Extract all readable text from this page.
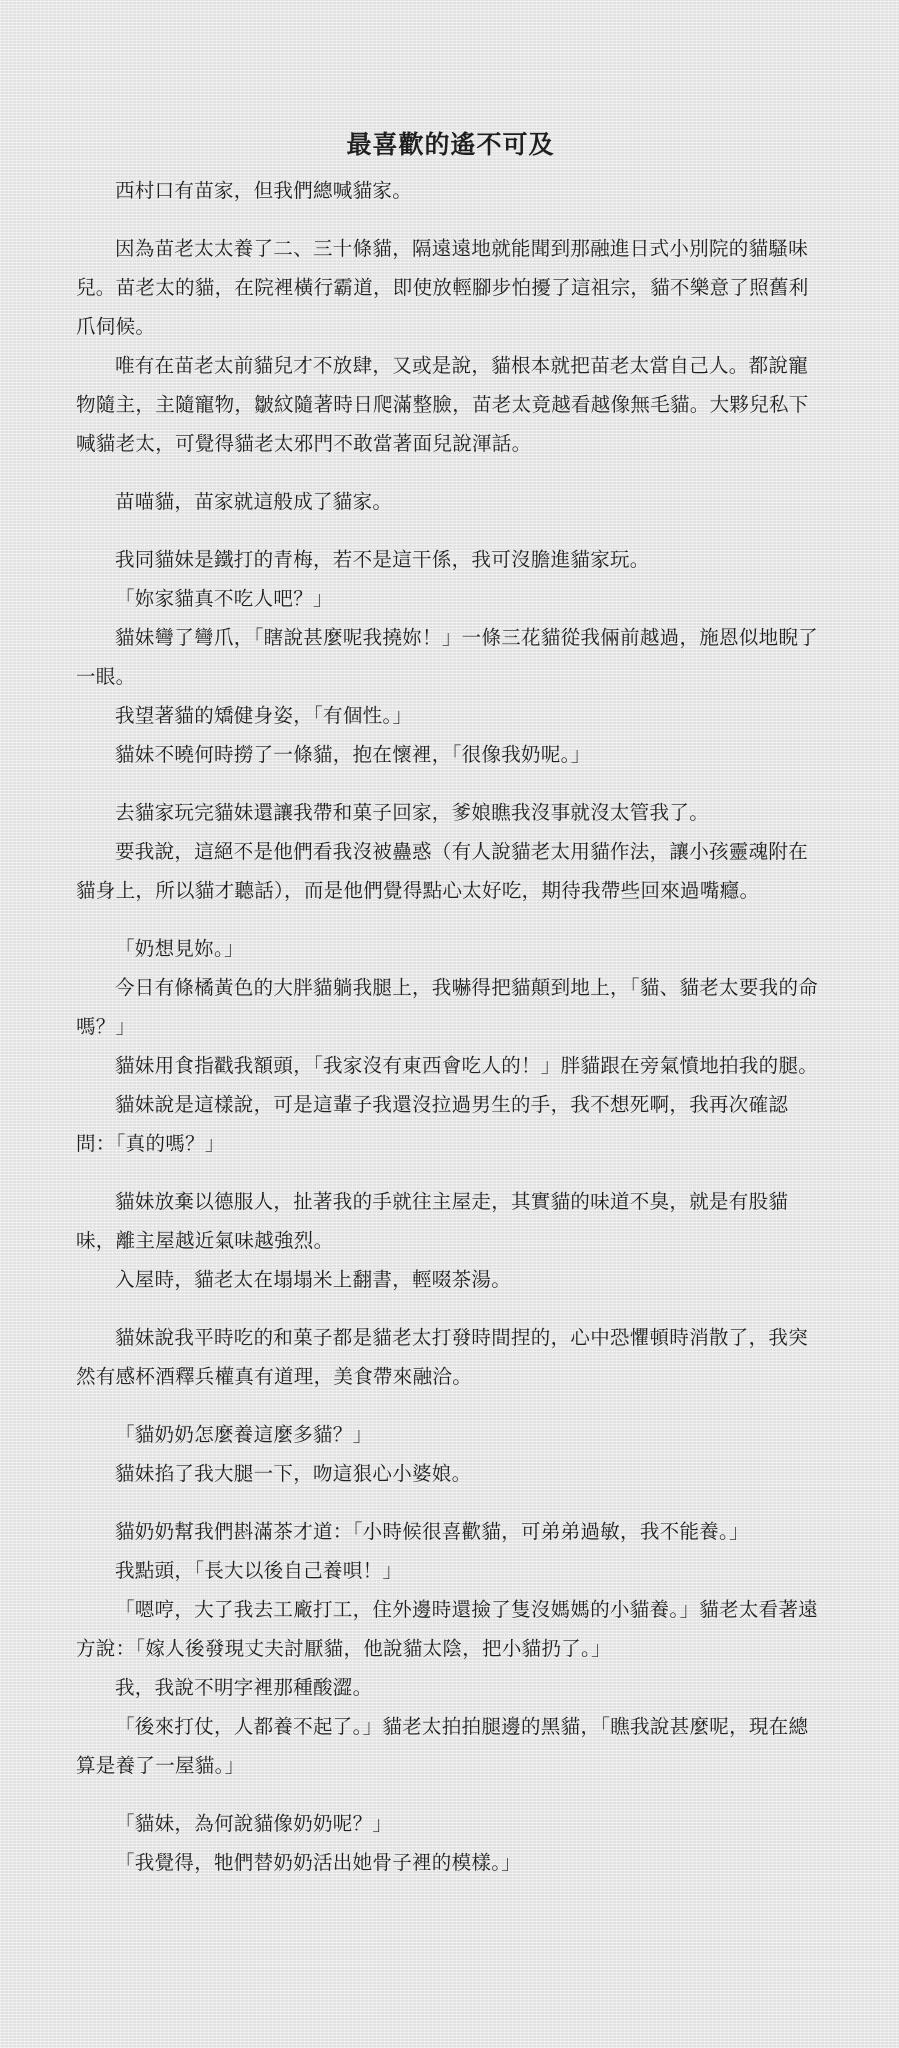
最喜歡的遙不可及

西村口有苗家，但我們總喊貓家。

因為苗老太太養了二、三十條貓，隔遠遠地就能聞到那融進日式小別院的貓騷味兒。苗老太的貓，在院裡橫行霸道，即使放輕腳步怕擾了這祖宗，貓不樂意了照舊利爪伺候。

唯有在苗老太前貓兒才不放肆，又或是說，貓根本就把苗老太當自己人。都說寵物隨主，主隨寵物，皺紋隨著時日爬滿整臉，苗老太竟越看越像無毛貓。大夥兒私下喊貓老太，可覺得貓老太邪門不敢當著面兒說渾話。

苗喵貓，苗家就這般成了貓家。

我同貓妹是鐵打的青梅，若不是這干係，我可沒膽進貓家玩。

「妳家貓真不吃人吧？」

貓妹彎了彎爪，「瞎說甚麼呢我撓妳！」一條三花貓從我倆前越過，施恩似地睨了一眼。

我望著貓的矯健身姿，「有個性。」

貓妹不曉何時撈了一條貓，抱在懷裡，「很像我奶呢。」

去貓家玩完貓妹還讓我帶和菓子回家，爹娘瞧我沒事就沒太管我了。

要我說，這絕不是他們看我沒被蠱惑（有人說貓老太用貓作法，讓小孩靈魂附在貓身上，所以貓才聽話），而是他們覺得點心太好吃，期待我帶些回來過嘴癮。

「奶想見妳。」

今日有條橘黃色的大胖貓躺我腿上，我嚇得把貓顛到地上，「貓、貓老太要我的命嗎？」

貓妹用食指戳我額頭，「我家沒有東西會吃人的！」胖貓跟在旁氣憤地拍我的腿。

貓妹說是這樣說，可是這輩子我還沒拉過男生的手，我不想死啊，我再次確認問：「真的嗎？」

貓妹放棄以德服人，扯著我的手就往主屋走，其實貓的味道不臭，就是有股貓味，離主屋越近氣味越強烈。

入屋時，貓老太在塌塌米上翻書，輕啜茶湯。

貓妹說我平時吃的和菓子都是貓老太打發時間捏的，心中恐懼頓時消散了，我突然有感杯酒釋兵權真有道理，美食帶來融洽。

「貓奶奶怎麼養這麼多貓？」

貓妹掐了我大腿一下，吻這狠心小婆娘。

貓奶奶幫我們斟滿茶才道：「小時候很喜歡貓，可弟弟過敏，我不能養。」

我點頭，「長大以後自己養唄！」

「嗯哼，大了我去工廠打工，住外邊時還撿了隻沒媽媽的小貓養。」貓老太看著遠方說：「嫁人後發現丈夫討厭貓，他說貓太陰，把小貓扔了。」

我，我說不明字裡那種酸澀。

「後來打仗，人都養不起了。」貓老太拍拍腿邊的黑貓，「瞧我說甚麼呢，現在總算是養了一屋貓。」

「貓妹，為何說貓像奶奶呢？」

「我覺得，牠們替奶奶活出她骨子裡的模樣。」
